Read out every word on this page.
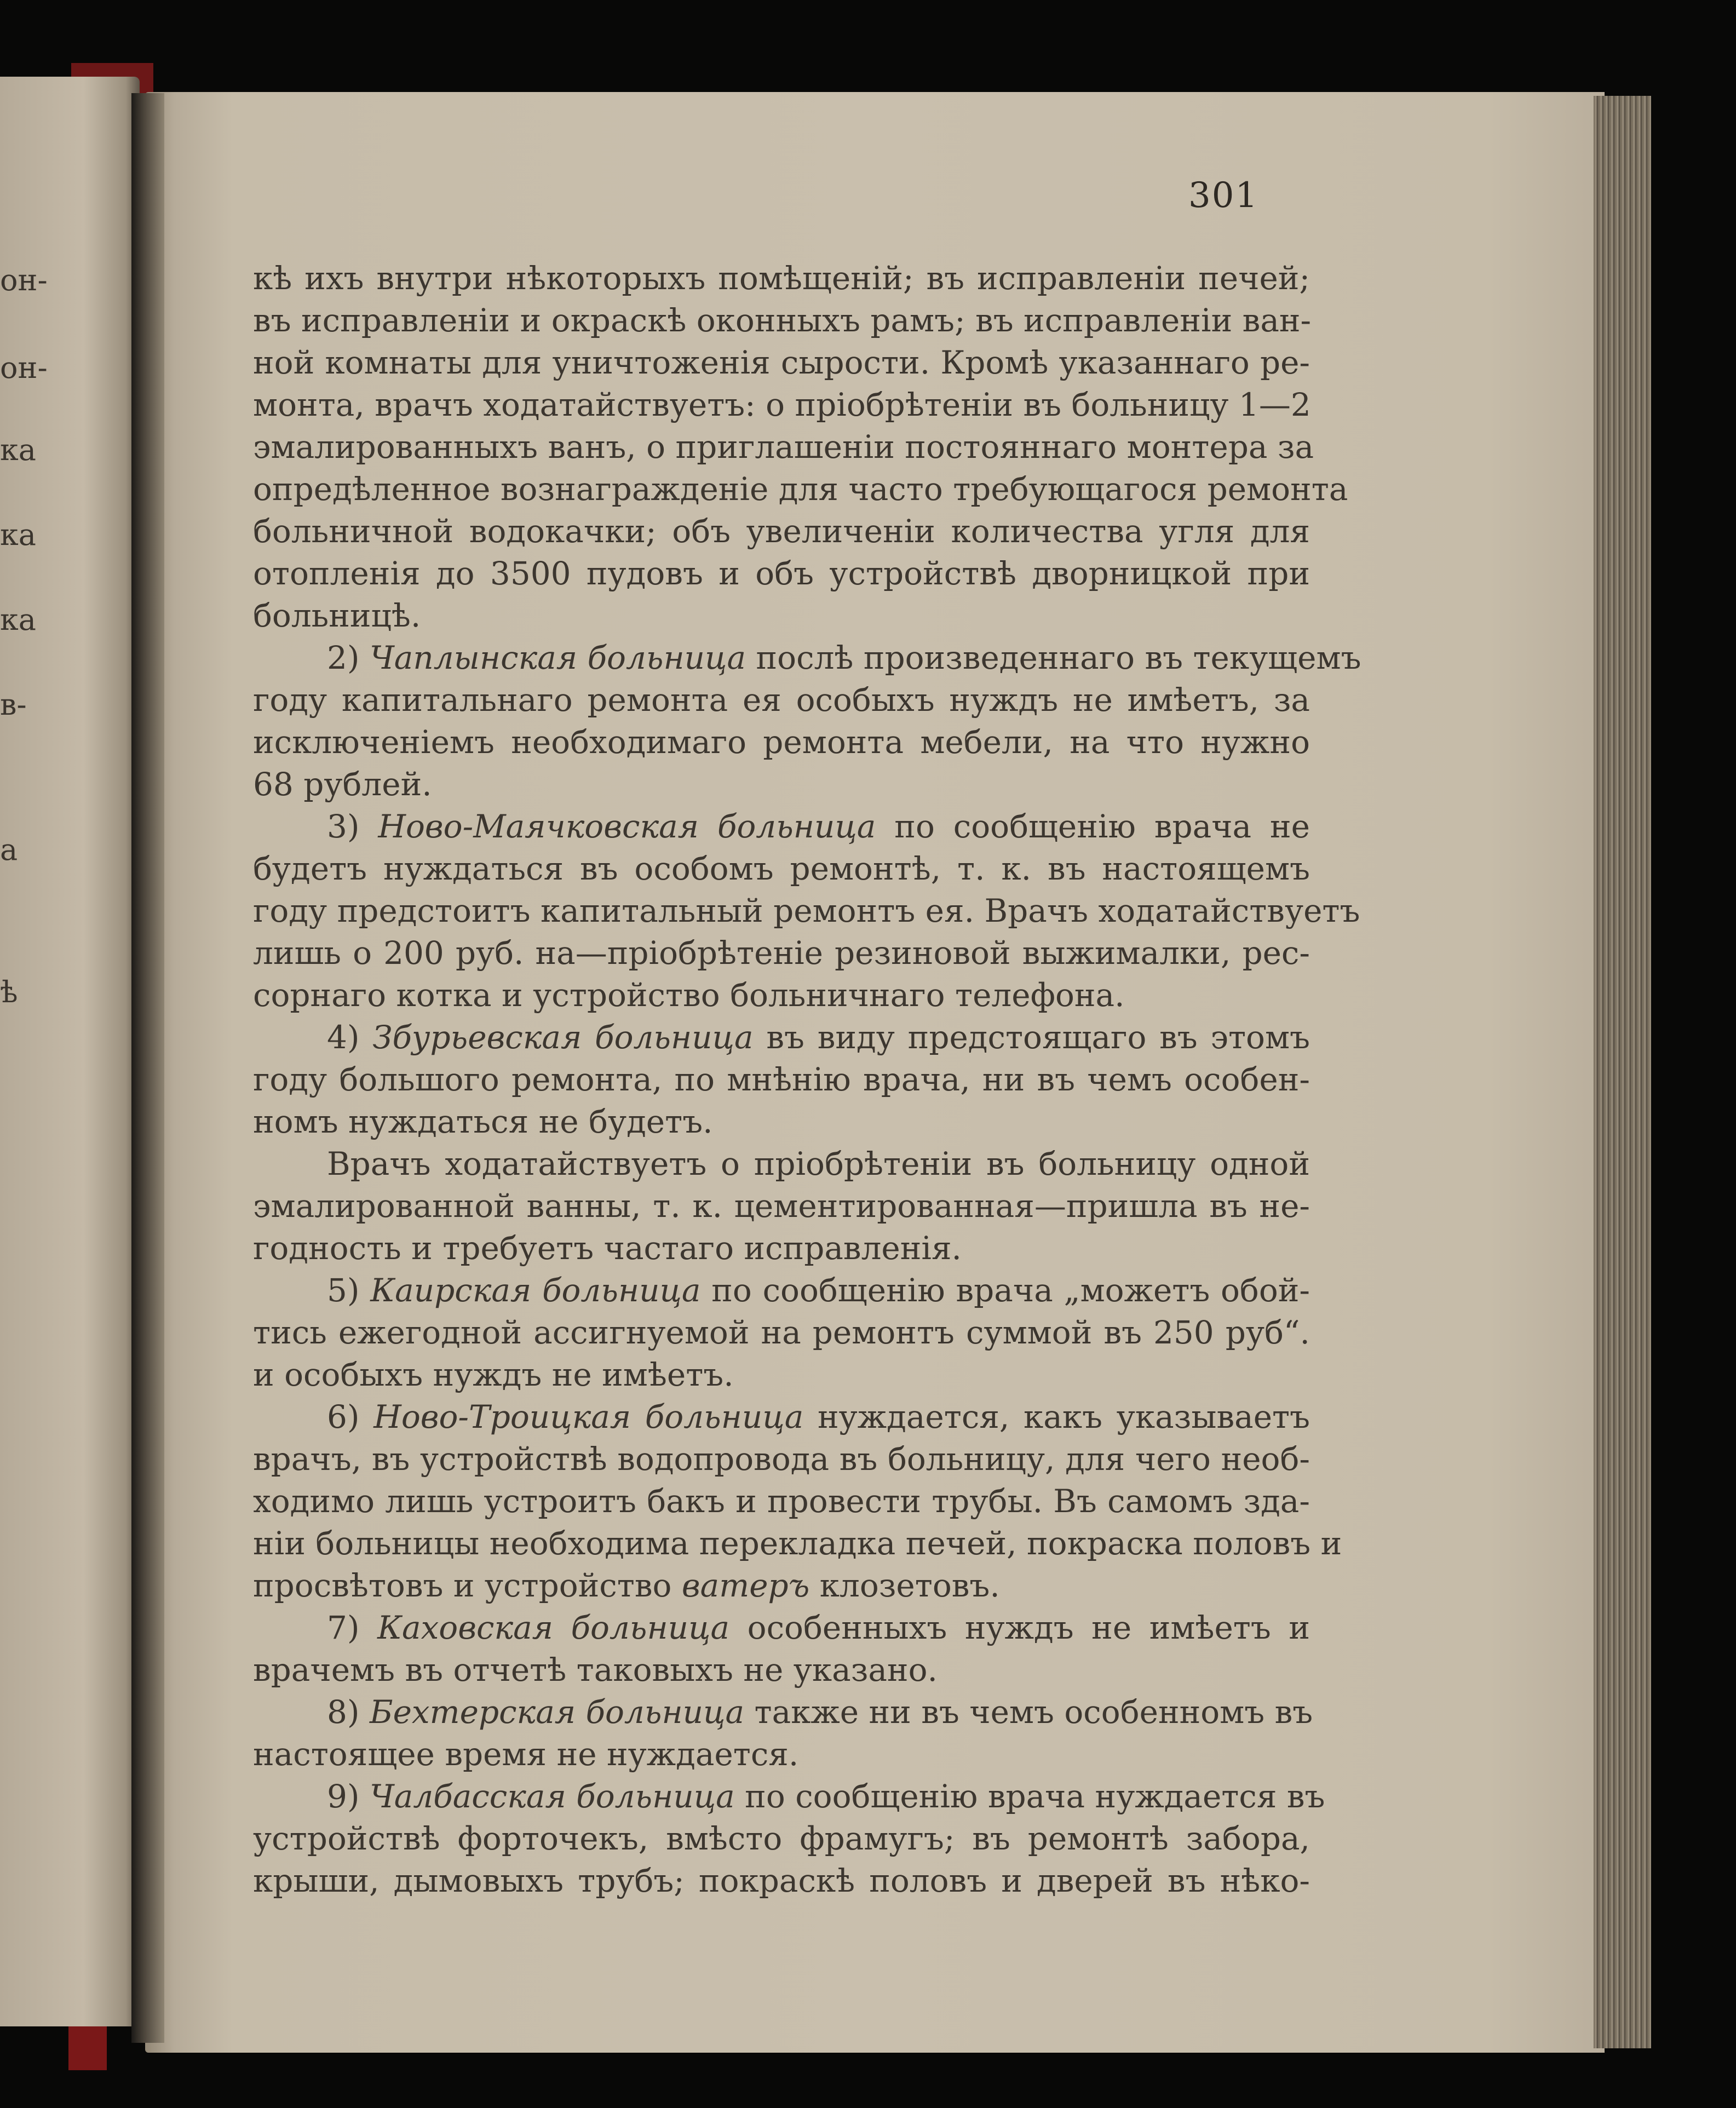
он-
он-
ка
ка
ка
в-
а
ѣ
301
кѣ ихъ внутри нѣкоторыхъ помѣщеній; въ исправленіи печей;
въ исправленіи и окраскѣ оконныхъ рамъ; въ исправленіи ван-
ной комнаты для уничтоженія сырости. Кромѣ указаннаго ре-
монта, врачъ ходатайствуетъ: о пріобрѣтеніи въ больницу 1—2
эмалированныхъ ванъ, о приглашеніи постояннаго монтера за
опредѣленное вознагражденіе для часто требующагося ремонта
больничной водокачки; объ увеличеніи количества угля для
отопленія до 3500 пудовъ и объ устройствѣ дворницкой при
больницѣ.
2) Чаплынская больница послѣ произведеннаго въ текущемъ
году капитальнаго ремонта ея особыхъ нуждъ не имѣетъ, за
исключеніемъ необходимаго ремонта мебели, на что нужно
68 рублей.
3) Ново-Маячковская больница по сообщенію врача не
будетъ нуждаться въ особомъ ремонтѣ, т. к. въ настоящемъ
году предстоитъ капитальный ремонтъ ея. Врачъ ходатайствуетъ
лишь о 200 руб. на—пріобрѣтеніе резиновой выжималки, рес-
сорнаго котка и устройство больничнаго телефона.
4) Збурьевская больница въ виду предстоящаго въ этомъ
году большого ремонта, по мнѣнію врача, ни въ чемъ особен-
номъ нуждаться не будетъ.
Врачъ ходатайствуетъ о пріобрѣтеніи въ больницу одной
эмалированной ванны, т. к. цементированная—пришла въ не-
годность и требуетъ частаго исправленія.
5) Каирская больница по сообщенію врача „можетъ обой-
тись ежегодной ассигнуемой на ремонтъ суммой въ 250 руб“.
и особыхъ нуждъ не имѣетъ.
6) Ново-Троицкая больница нуждается, какъ указываетъ
врачъ, въ устройствѣ водопровода въ больницу, для чего необ-
ходимо лишь устроитъ бакъ и провести трубы. Въ самомъ зда-
ніи больницы необходима перекладка печей, покраска половъ и
просвѣтовъ и устройство ватеръ клозетовъ.
7) Каховская больница особенныхъ нуждъ не имѣетъ и
врачемъ въ отчетѣ таковыхъ не указано.
8) Бехтерская больница также ни въ чемъ особенномъ въ
настоящее время не нуждается.
9) Чалбасская больница по сообщенію врача нуждается въ
устройствѣ форточекъ, вмѣсто фрамугъ; въ ремонтѣ забора,
крыши, дымовыхъ трубъ; покраскѣ половъ и дверей въ нѣко-
